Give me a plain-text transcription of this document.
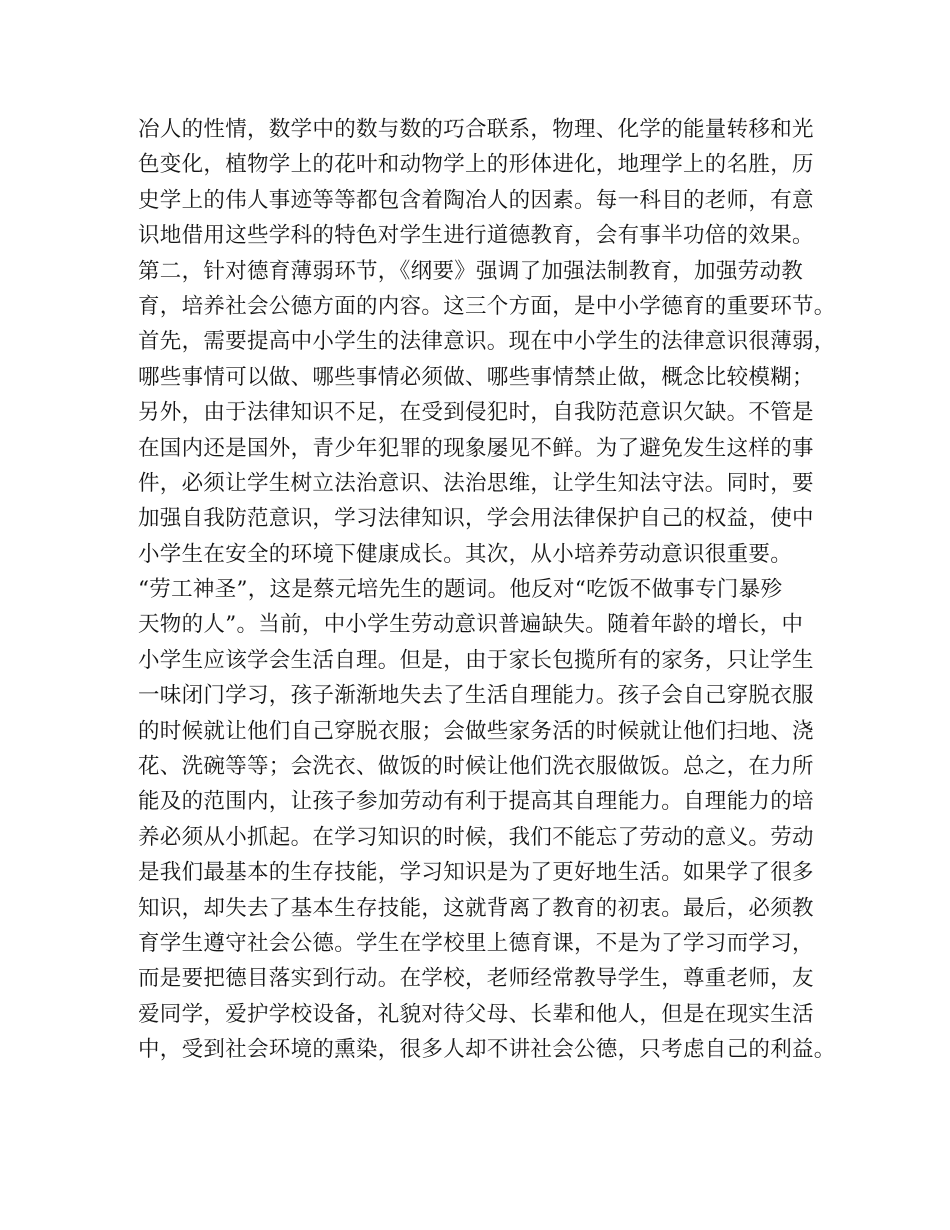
冶人的性情，数学中的数与数的巧合联系，物理、化学的能量转移和光
色变化，植物学上的花叶和动物学上的形体进化，地理学上的名胜，历
史学上的伟人事迹等等都包含着陶冶人的因素。每一科目的老师，有意
识地借用这些学科的特色对学生进行道德教育，会有事半功倍的效果。
第二，针对德育薄弱环节，《纲要》强调了加强法制教育，加强劳动教
育，培养社会公德方面的内容。这三个方面，是中小学德育的重要环节。
首先，需要提高中小学生的法律意识。现在中小学生的法律意识很薄弱，
哪些事情可以做、哪些事情必须做、哪些事情禁止做，概念比较模糊；
另外，由于法律知识不足，在受到侵犯时，自我防范意识欠缺。不管是
在国内还是国外，青少年犯罪的现象屡见不鲜。为了避免发生这样的事
件，必须让学生树立法治意识、法治思维，让学生知法守法。同时，要
加强自我防范意识，学习法律知识，学会用法律保护自己的权益，使中
小学生在安全的环境下健康成长。其次，从小培养劳动意识很重要。
“劳工神圣”，这是蔡元培先生的题词。他反对“吃饭不做事专门暴殄
天物的人”。当前，中小学生劳动意识普遍缺失。随着年龄的增长，中
小学生应该学会生活自理。但是，由于家长包揽所有的家务，只让学生
一味闭门学习，孩子渐渐地失去了生活自理能力。孩子会自己穿脱衣服
的时候就让他们自己穿脱衣服；会做些家务活的时候就让他们扫地、浇
花、洗碗等等；会洗衣、做饭的时候让他们洗衣服做饭。总之，在力所
能及的范围内，让孩子参加劳动有利于提高其自理能力。自理能力的培
养必须从小抓起。在学习知识的时候，我们不能忘了劳动的意义。劳动
是我们最基本的生存技能，学习知识是为了更好地生活。如果学了很多
知识，却失去了基本生存技能，这就背离了教育的初衷。最后，必须教
育学生遵守社会公德。学生在学校里上德育课，不是为了学习而学习，
而是要把德目落实到行动。在学校，老师经常教导学生，尊重老师，友
爱同学，爱护学校设备，礼貌对待父母、长辈和他人，但是在现实生活
中，受到社会环境的熏染，很多人却不讲社会公德，只考虑自己的利益。
